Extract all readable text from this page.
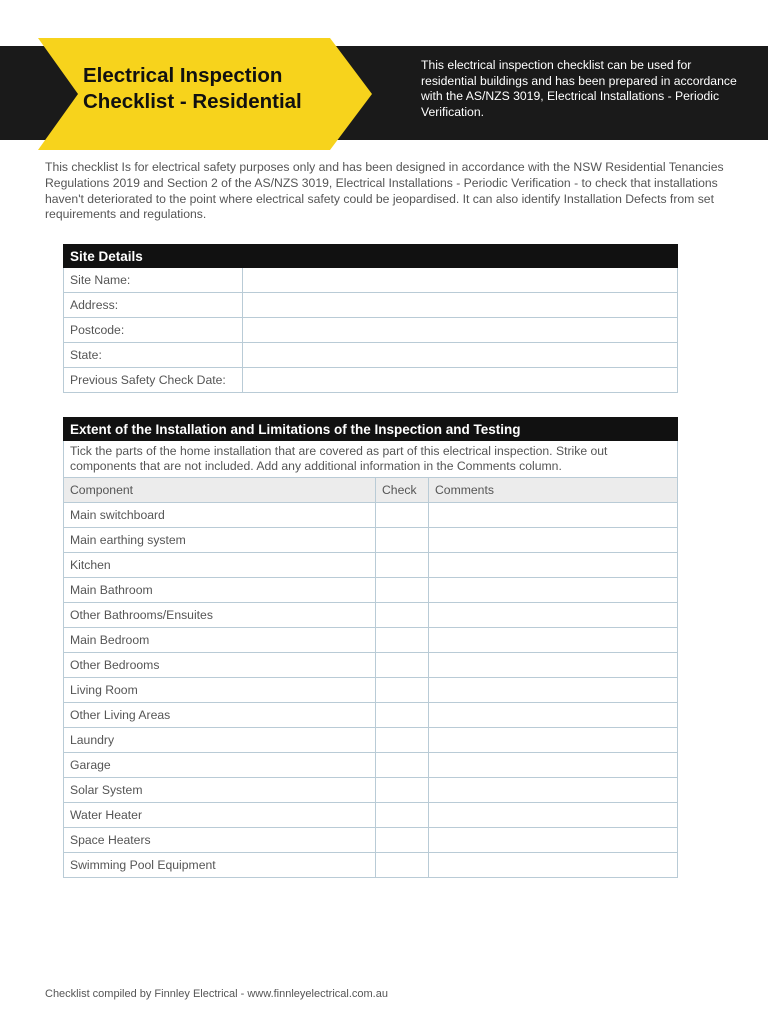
Electrical Inspection
Checklist - Residential
This electrical inspection checklist can be used for residential buildings and has been prepared in accordance with the AS/NZS 3019, Electrical Installations - Periodic Verification.
This checklist Is for electrical safety purposes only and has been designed in accordance with the NSW Residential Tenancies Regulations 2019 and Section 2 of the AS/NZS 3019, Electrical Installations - Periodic Verification - to check that installations haven't deteriorated to the point where electrical safety could be jeopardised. It can also identify Installation Defects from set requirements and regulations.
Site Details	
Site Name:	
Address:	
Postcode:	
State:	
Previous Safety Check Date:	
Extent of the Installation and Limitations of the Inspection and Testing		
Tick the parts of the home installation that are covered as part of this electrical inspection. Strike out components that are not included. Add any additional information in the Comments column.		
Component	Check	Comments
Main switchboard		
Main earthing system		
Kitchen		
Main Bathroom		
Other Bathrooms/Ensuites		
Main Bedroom		
Other Bedrooms		
Living Room		
Other Living Areas		
Laundry		
Garage		
Solar System		
Water Heater		
Space Heaters		
Swimming Pool Equipment		
Checklist compiled by Finnley Electrical - www.finnleyelectrical.com.au
